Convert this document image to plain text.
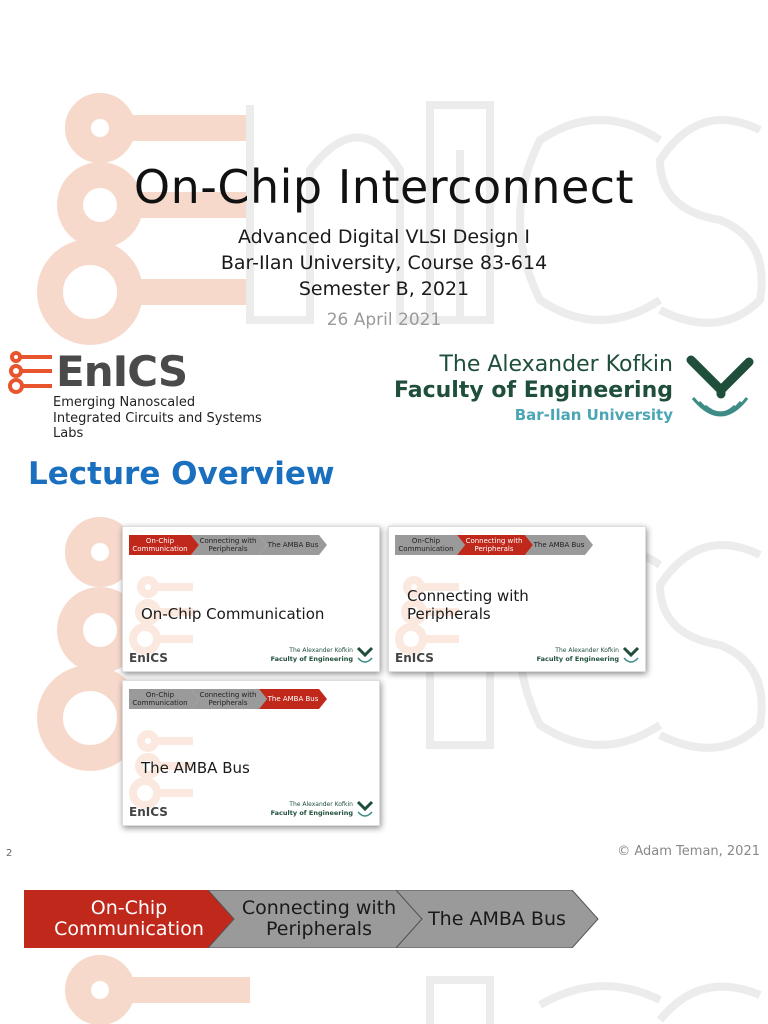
On-Chip Interconnect
Advanced Digital VLSI Design I
Bar-Ilan University, Course 83-614
Semester B, 2021
26 April 2021
EnICS
Emerging Nanoscaled
Integrated Circuits and Systems Labs
The Alexander Kofkin
Faculty of Engineering
Bar-Ilan University
Lecture Overview
On-Chip Communication
Connecting with Peripherals	The AMBA Bus
On-Chip Communication
EnICS
The Alexander Kofkin
Faculty of Engineering
On-Chip Communication
Connecting with Peripherals	The AMBA Bus
Connecting with Peripherals
EnICS
The Alexander Kofkin
Faculty of Engineering
On-Chip Communication
Connecting with Peripherals	The AMBA Bus
The AMBA Bus
EnICS
The Alexander Kofkin
Faculty of Engineering
2	© Adam Teman, 2021
On-Chip
Communication
Connecting with
Peripherals	The AMBA Bus
